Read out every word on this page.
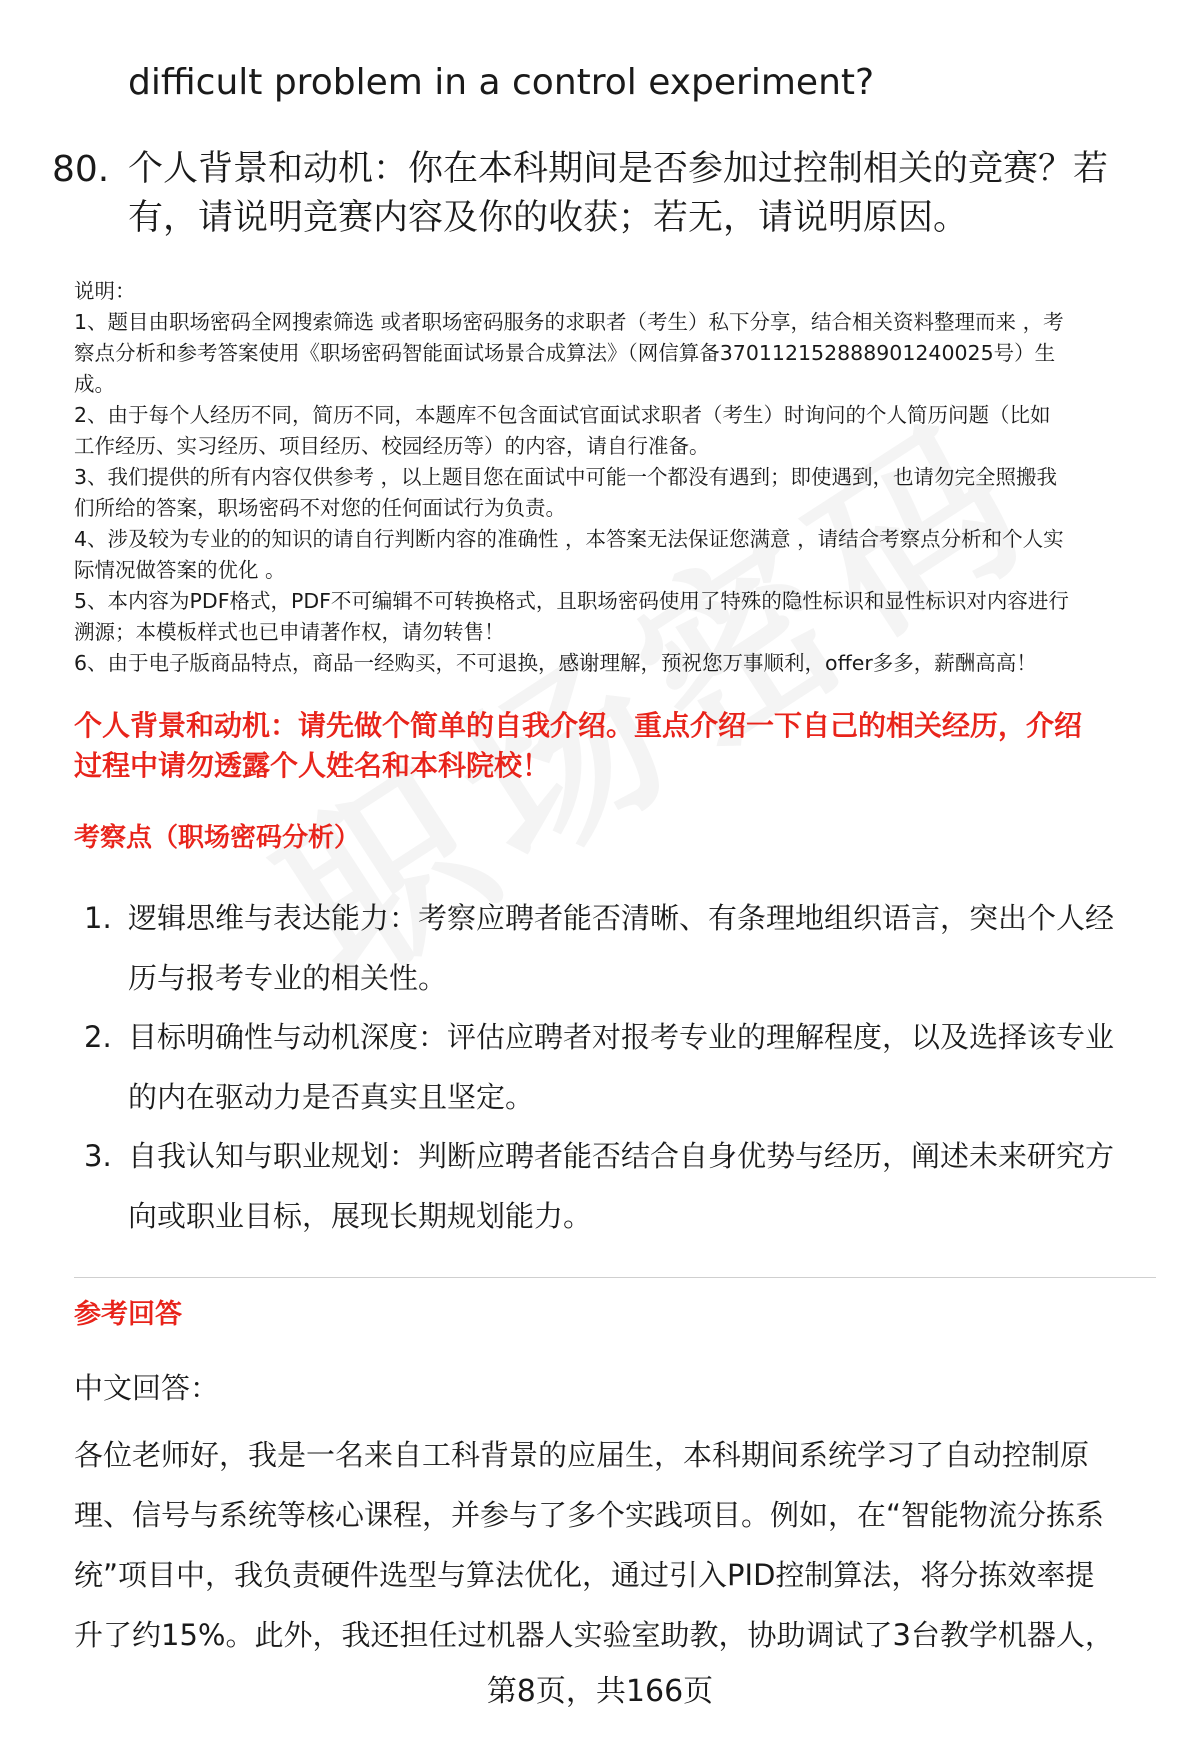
difficult problem in a control experiment?
80. 个人背景和动机：你在本科期间是否参加过控制相关的竞赛？若
有，请说明竞赛内容及你的收获；若无，请说明原因。
说明：
1、题目由职场密码全网搜索筛选 或者职场密码服务的求职者（考生）私下分享，结合相关资料整理而来 ，考
察点分析和参考答案使用《职场密码智能面试场景合成算法》（网信算备370112152888901240025号）生
成。
2、由于每个人经历不同，简历不同，本题库不包含面试官面试求职者（考生）时询问的个人简历问题（比如
工作经历、实习经历、项目经历、校园经历等）的内容，请自行准备。
3、我们提供的所有内容仅供参考 ，以上题目您在面试中可能一个都没有遇到；即使遇到，也请勿完全照搬我
们所给的答案，职场密码不对您的任何面试行为负责。
4、涉及较为专业的的知识的请自行判断内容的准确性 ，本答案无法保证您满意 ，请结合考察点分析和个人实
际情况做答案的优化 。
5、本内容为PDF格式，PDF不可编辑不可转换格式，且职场密码使用了特殊的隐性标识和显性标识对内容进行
溯源；本模板样式也已申请著作权，请勿转售！
6、由于电子版商品特点，商品一经购买，不可退换，感谢理解，预祝您万事顺利，offer多多，薪酬高高！
个人背景和动机：请先做个简单的自我介绍。重点介绍一下自己的相关经历，介绍
过程中请勿透露个人姓名和本科院校！
考察点（职场密码分析）
1. 逻辑思维与表达能力：考察应聘者能否清晰、有条理地组织语言，突出个人经
历与报考专业的相关性。
2. 目标明确性与动机深度：评估应聘者对报考专业的理解程度，以及选择该专业
的内在驱动力是否真实且坚定。
3. 自我认知与职业规划：判断应聘者能否结合自身优势与经历，阐述未来研究方
向或职业目标，展现长期规划能力。
参考回答
中文回答：
各位老师好，我是一名来自工科背景的应届生，本科期间系统学习了自动控制原
理、信号与系统等核心课程，并参与了多个实践项目。例如，在“智能物流分拣系
统”项目中，我负责硬件选型与算法优化，通过引入PID控制算法，将分拣效率提
升了约15%。此外，我还担任过机器人实验室助教，协助调试了3台教学机器人，
第8页，共166页
